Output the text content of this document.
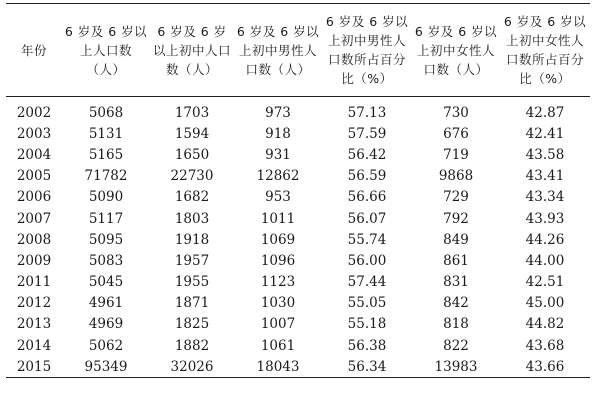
年份	6 岁及 6 岁以上人口数（人）	6 岁及 6 岁以上初中人口数（人）	6 岁及 6 岁以上初中男性人口数（人）	6 岁及 6 岁以上初中男性人口数所占百分比（%）	6 岁及 6 岁以上初中女性人口数（人）	6 岁及 6 岁以上初中女性人口数所占百分比（%）
2002	5068	1703	973	57.13	730	42.87
2003	5131	1594	918	57.59	676	42.41
2004	5165	1650	931	56.42	719	43.58
2005	71782	22730	12862	56.59	9868	43.41
2006	5090	1682	953	56.66	729	43.34
2007	5117	1803	1011	56.07	792	43.93
2008	5095	1918	1069	55.74	849	44.26
2009	5083	1957	1096	56.00	861	44.00
2011	5045	1955	1123	57.44	831	42.51
2012	4961	1871	1030	55.05	842	45.00
2013	4969	1825	1007	55.18	818	44.82
2014	5062	1882	1061	56.38	822	43.68
2015	95349	32026	18043	56.34	13983	43.66
